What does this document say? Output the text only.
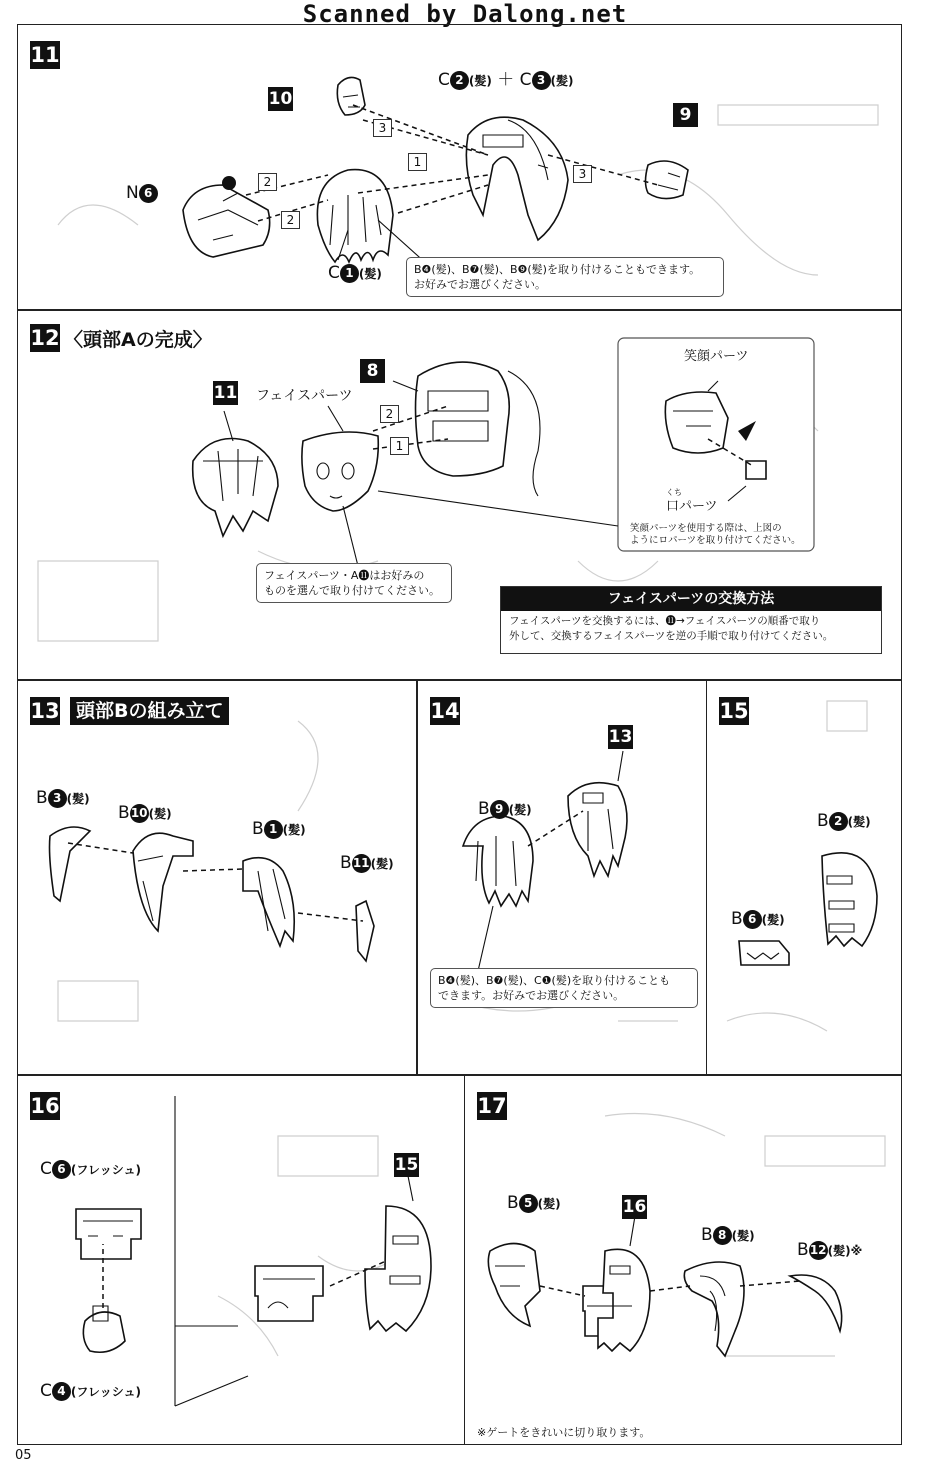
Scanned by Dalong.net
11
C 2 (髪) ＋ C 3 (髪)
10
9
N 6
C 1 (髪)
1
2
2
3
3
B❹(髪)、B❼(髪)、B❾(髪)を取り付けることもできます。
お好みでお選びください。
12 〈頭部Aの完成〉
11 フェイスパーツ
8
2
1
笑顔パーツ
くち
口パーツ
笑顔パーツを使用する際は、上図の
ようにロパーツを取り付けてください。
フェイスパーツ・A⓫はお好みの
ものを選んで取り付けてください。
フェイスパーツの交換方法
フェイスパーツを交換するには、⓫→フェイスパーツの順番で取り
外して、交換するフェイスパーツを逆の手順で取り付けてください。
13 頭部Bの組み立て
B 3 (髪)
B10(髪)
B 1 (髪)
B11(髪)
14
13
B 9 (髪)
B❹(髪)、B❼(髪)、C❶(髪)を取り付けることも
できます。お好みでお選びください。
15
B 2 (髪)
B 6 (髪)
16
C 6 (フレッシュ)
C 4 (フレッシュ)
15
17
B 5 (髪)	16
B 8 (髪)
B12(髪)※
※ゲートをきれいに切り取ります。
05
